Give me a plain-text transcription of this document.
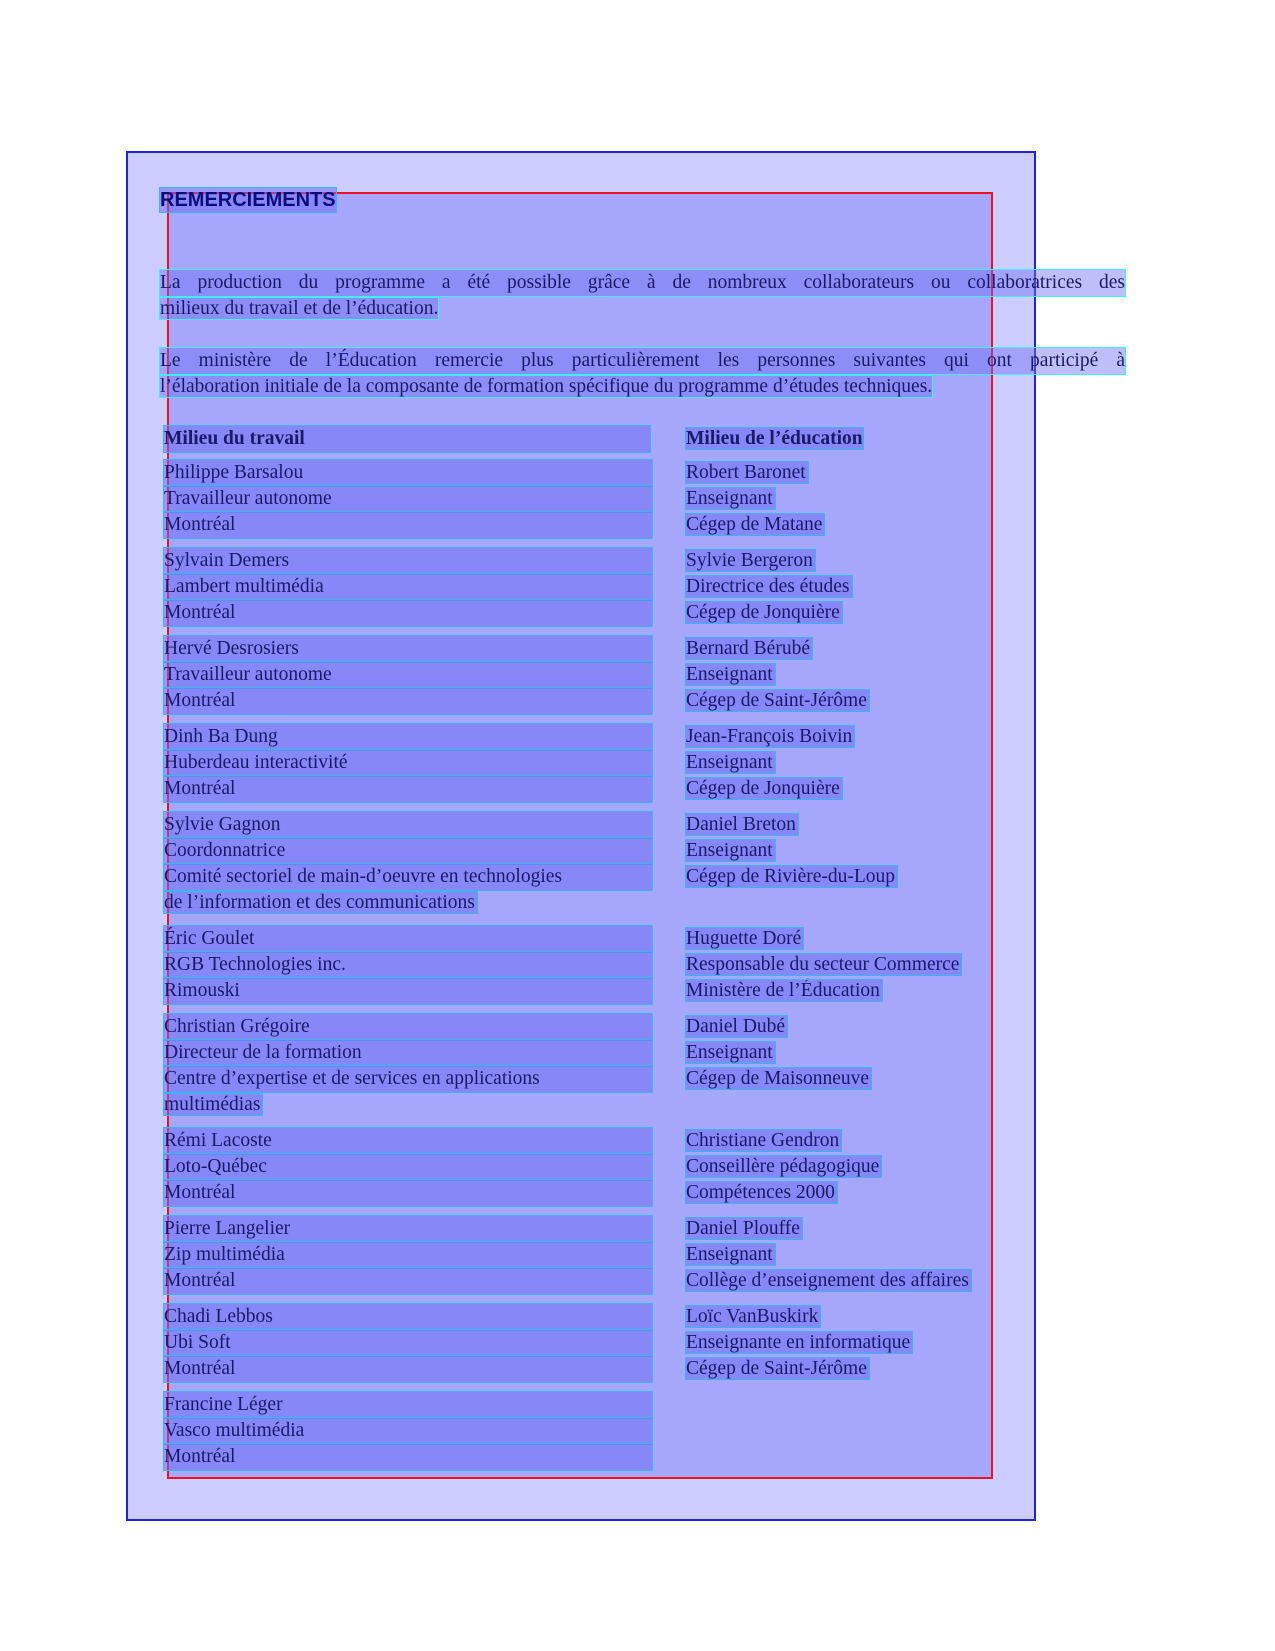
REMERCIEMENTS

La production du programme a été possible grâce à de nombreux collaborateurs ou collaboratrices des
milieux du travail et de l’éducation.

Le ministère de l’Éducation remercie plus particulièrement les personnes suivantes qui ont participé à
l’élaboration initiale de la composante de formation spécifique du programme d’études techniques.

Milieu du travail
Philippe Barsalou
Travailleur autonome
Montréal
Sylvain Demers
Lambert multimédia
Montréal
Hervé Desrosiers
Travailleur autonome
Montréal
Dinh Ba Dung
Huberdeau interactivité
Montréal
Sylvie Gagnon
Coordonnatrice
Comité sectoriel de main-d’oeuvre en technologies
de l’information et des communications
Éric Goulet
RGB Technologies inc.
Rimouski
Christian Grégoire
Directeur de la formation
Centre d’expertise et de services en applications
multimédias
Rémi Lacoste
Loto-Québec
Montréal
Pierre Langelier
Zip multimédia
Montréal
Chadi Lebbos
Ubi Soft
Montréal
Francine Léger
Vasco multimédia
Montréal
Milieu de l’éducation
Robert Baronet
Enseignant
Cégep de Matane
Sylvie Bergeron
Directrice des études
Cégep de Jonquière
Bernard Bérubé
Enseignant
Cégep de Saint-Jérôme
Jean-François Boivin
Enseignant
Cégep de Jonquière
Daniel Breton
Enseignant
Cégep de Rivière-du-Loup
Huguette Doré
Responsable du secteur Commerce
Ministère de l’Éducation
Daniel Dubé
Enseignant
Cégep de Maisonneuve
Christiane Gendron
Conseillère pédagogique
Compétences 2000
Daniel Plouffe
Enseignant
Collège d’enseignement des affaires
Loïc VanBuskirk
Enseignante en informatique
Cégep de Saint-Jérôme
